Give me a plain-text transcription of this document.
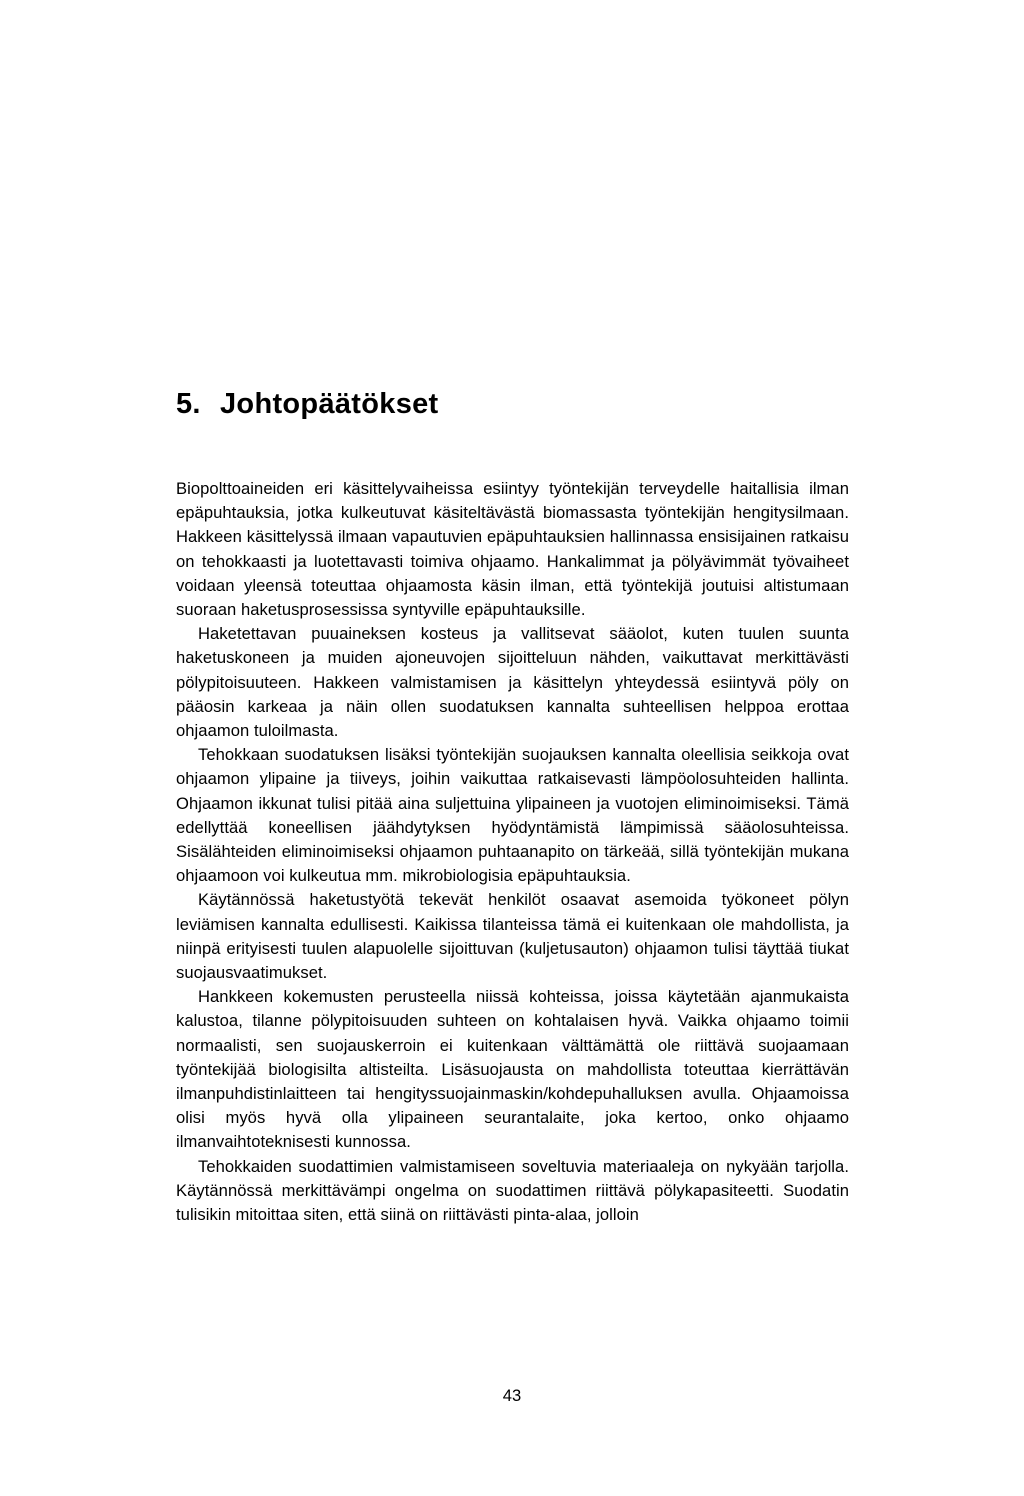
5. Johtopäätökset

Biopolttoaineiden eri käsittelyvaiheissa esiintyy työntekijän terveydelle haitallisia ilman epäpuhtauksia, jotka kulkeutuvat käsiteltävästä biomassasta työntekijän hengitysilmaan. Hakkeen käsittelyssä ilmaan vapautuvien epäpuhtauksien hallinnassa ensisijainen ratkaisu on tehokkaasti ja luotettavasti toimiva ohjaamo. Hankalimmat ja pölyävimmät työvaiheet voidaan yleensä toteuttaa ohjaamosta käsin ilman, että työntekijä joutuisi altistumaan suoraan haketusprosessissa syntyville epäpuhtauksille.

Haketettavan puuaineksen kosteus ja vallitsevat sääolot, kuten tuulen suunta haketuskoneen ja muiden ajoneuvojen sijoitteluun nähden, vaikuttavat merkittävästi pölypitoisuuteen. Hakkeen valmistamisen ja käsittelyn yhteydessä esiintyvä pöly on pääosin karkeaa ja näin ollen suodatuksen kannalta suhteellisen helppoa erottaa ohjaamon tuloilmasta.

Tehokkaan suodatuksen lisäksi työntekijän suojauksen kannalta oleellisia seikkoja ovat ohjaamon ylipaine ja tiiveys, joihin vaikuttaa ratkaisevasti lämpöolosuhteiden hallinta. Ohjaamon ikkunat tulisi pitää aina suljettuina ylipaineen ja vuotojen eliminoimiseksi. Tämä edellyttää koneellisen jäähdytyksen hyödyntämistä lämpimissä sääolosuhteissa. Sisälähteiden eliminoimiseksi ohjaamon puhtaanapito on tärkeää, sillä työntekijän mukana ohjaamoon voi kulkeutua mm. mikrobiologisia epäpuhtauksia.

Käytännössä haketustyötä tekevät henkilöt osaavat asemoida työkoneet pölyn leviämisen kannalta edullisesti. Kaikissa tilanteissa tämä ei kuitenkaan ole mahdollista, ja niinpä erityisesti tuulen alapuolelle sijoittuvan (kuljetusauton) ohjaamon tulisi täyttää tiukat suojausvaatimukset.

Hankkeen kokemusten perusteella niissä kohteissa, joissa käytetään ajanmukaista kalustoa, tilanne pölypitoisuuden suhteen on kohtalaisen hyvä. Vaikka ohjaamo toimii normaalisti, sen suojauskerroin ei kuitenkaan välttämättä ole riittävä suojaamaan työntekijää biologisilta altisteilta. Lisäsuojausta on mahdollista toteuttaa kierrättävän ilmanpuhdistinlaitteen tai hengityssuojainmaskin/kohdepuhalluksen avulla. Ohjaamoissa olisi myös hyvä olla ylipaineen seurantalaite, joka kertoo, onko ohjaamo ilmanvaihtoteknisesti kunnossa.

Tehokkaiden suodattimien valmistamiseen soveltuvia materiaaleja on nykyään tarjolla. Käytännössä merkittävämpi ongelma on suodattimen riittävä pölykapasiteetti. Suodatin tulisikin mitoittaa siten, että siinä on riittävästi pinta-alaa, jolloin

43
